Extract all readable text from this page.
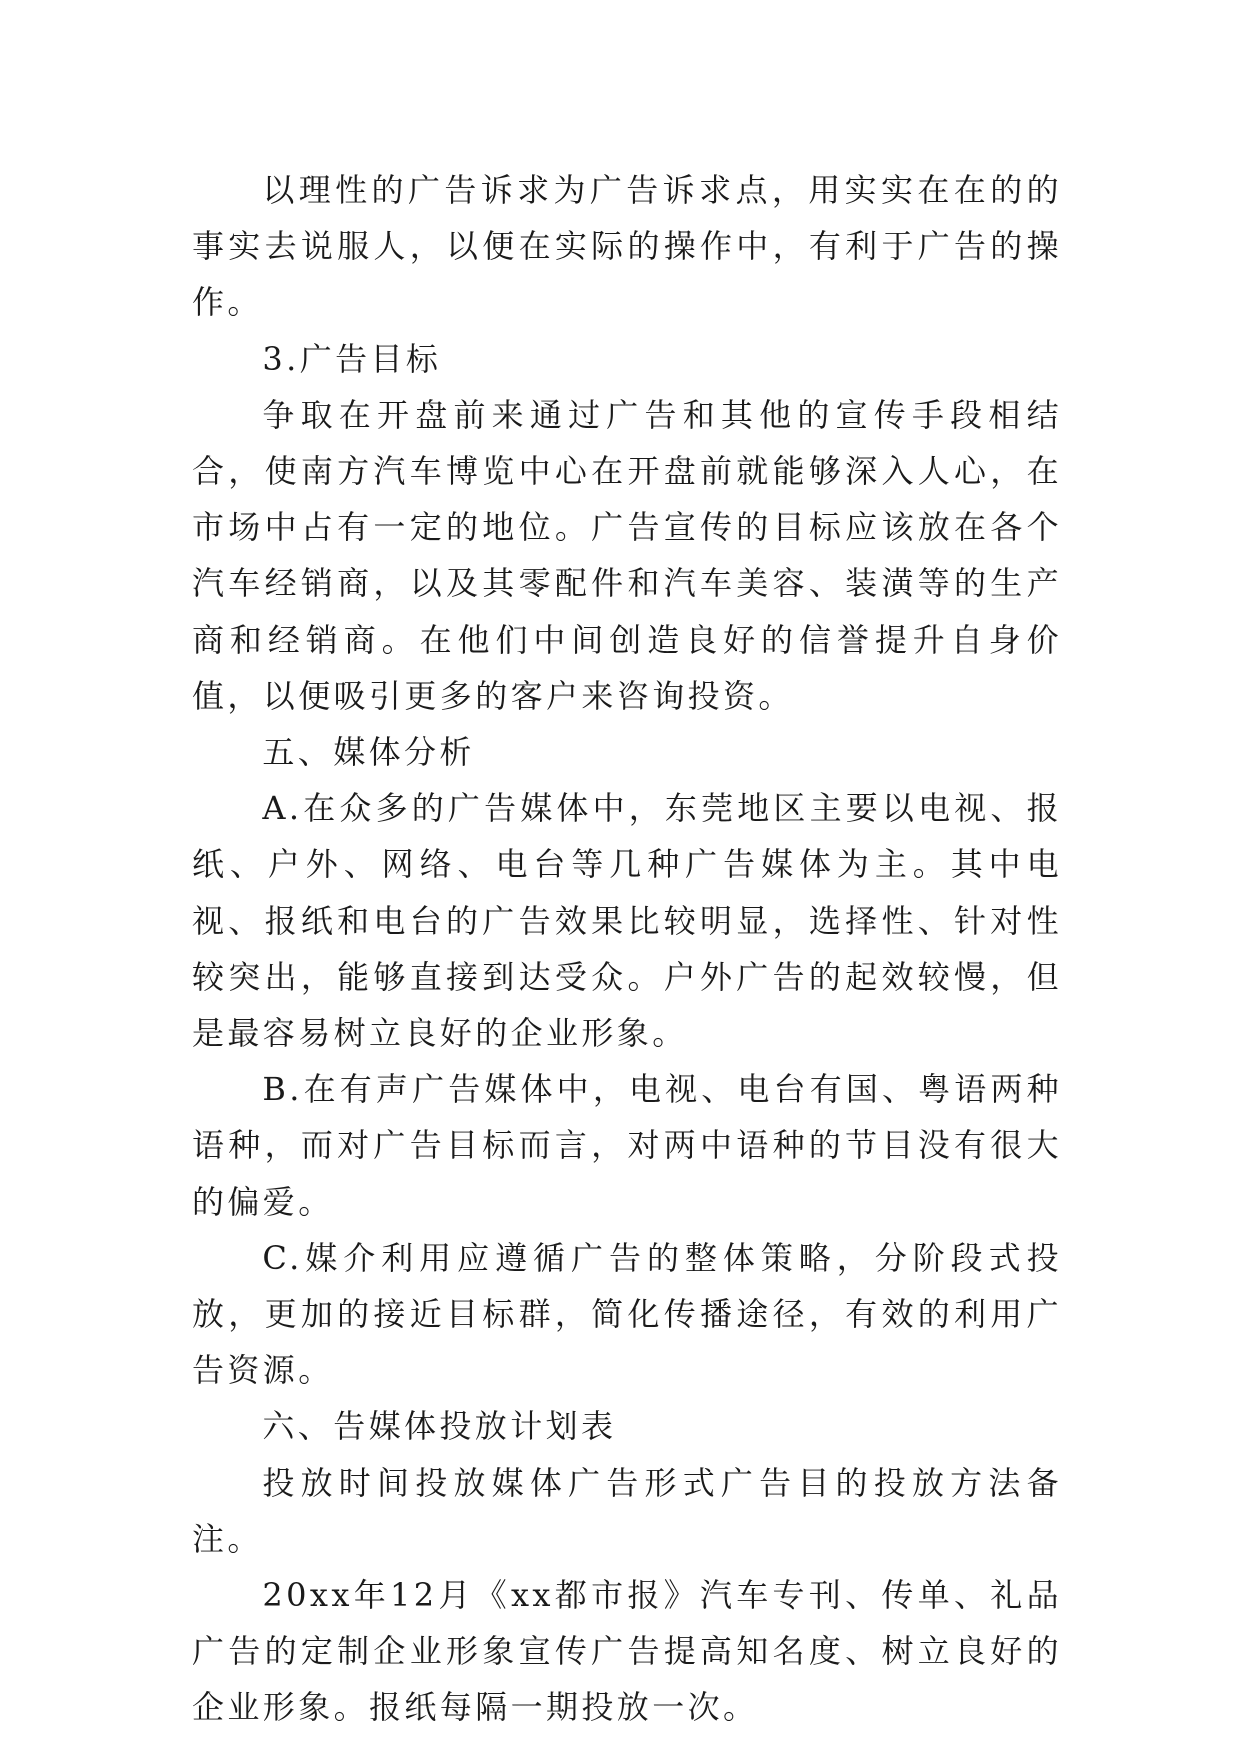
以理性的广告诉求为广告诉求点，用实实在在的的事实去说服人，以便在实际的操作中，有利于广告的操作。

3.广告目标

争取在开盘前来通过广告和其他的宣传手段相结合，使南方汽车博览中心在开盘前就能够深入人心，在市场中占有一定的地位。广告宣传的目标应该放在各个汽车经销商，以及其零配件和汽车美容、装潢等的生产商和经销商。在他们中间创造良好的信誉提升自身价值，以便吸引更多的客户来咨询投资。

五、媒体分析

A.在众多的广告媒体中，东莞地区主要以电视、报纸、户外、网络、电台等几种广告媒体为主。其中电视、报纸和电台的广告效果比较明显，选择性、针对性较突出，能够直接到达受众。户外广告的起效较慢，但是最容易树立良好的企业形象。

B.在有声广告媒体中，电视、电台有国、粤语两种语种，而对广告目标而言，对两中语种的节目没有很大的偏爱。

C.媒介利用应遵循广告的整体策略，分阶段式投放，更加的接近目标群，简化传播途径，有效的利用广告资源。

六、告媒体投放计划表

投放时间投放媒体广告形式广告目的投放方法备注。

20xx年12月《xx都市报》汽车专刊、传单、礼品广告的定制企业形象宣传广告提高知名度、树立良好的企业形象。报纸每隔一期投放一次。
